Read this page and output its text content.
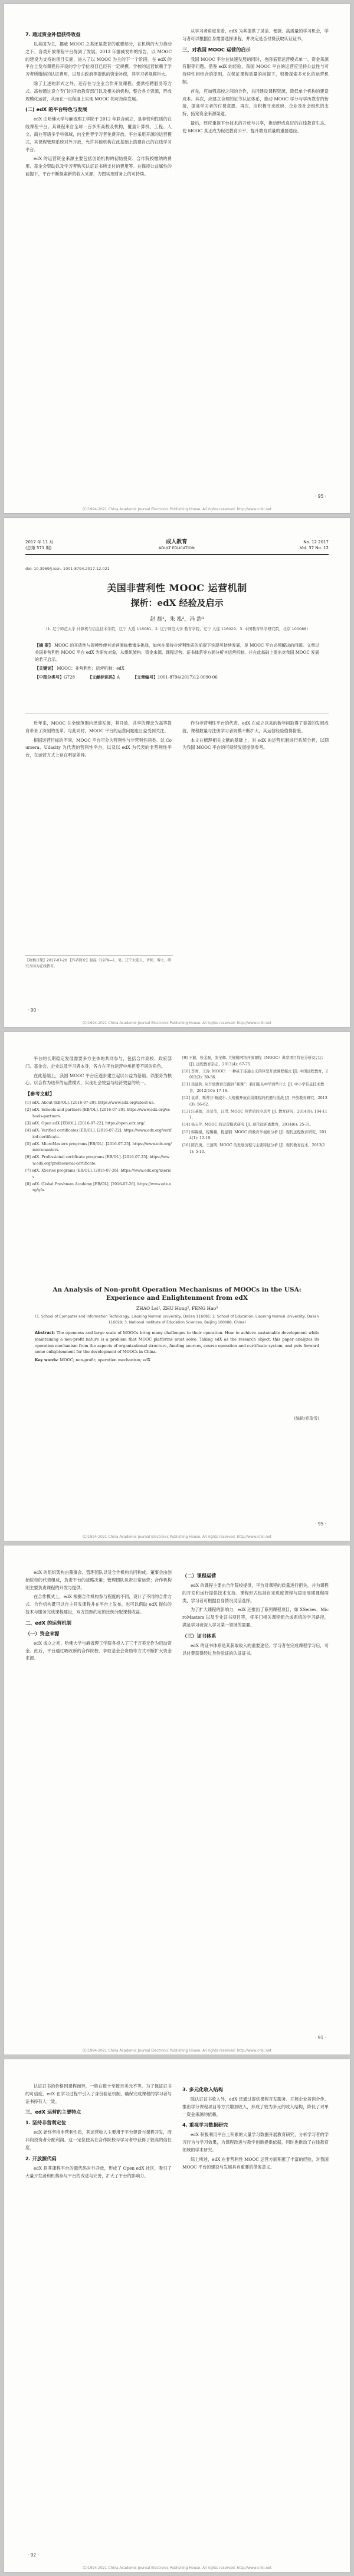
7. 通过资金补偿获得收益
以美国为主，挪威 MOOC 之类还是教育的重要部分，在机构的大力推动之下，各类开放课程平台得到了发展。2013 年挪威发布的报告，以 MOOC 的建设为支持的项目实施，进入了以 MOOC 为主的下一个阶段。在 edX 的平台上发布课程后开设的学分学位项目已经有一定规模。学校的运营依赖于学习者所缴纳的认证费用，以及由政府等提供的资金补偿，其学习者规模巨大。
除了上述的形式之外，还存在与企业合作开发课程、提供招聘服务等方式。高校通过设立专门的开放教育部门以及相关的机构，整合各方资源，形成规模化运营，从而在一定程度上实现 MOOC 的可持续发展。
(二) edX 的平台特色与发展
edX 由哈佛大学与麻省理工学院于 2012 年联合创立，是非营利性质的在线课程平台。其课程来自全球一百多所高校及机构，覆盖计算机、工程、人文、商业等诸多学科领域，向全世界学习者免费开放。平台采用开源的运营模式，其课程管理系统对外开放，允许其他机构在此基础上搭建自己的在线学习平台。
edX 的运营资金来源主要包括创始机构的初始投资、合作院校缴纳的费用、基金会资助以及学习者购买认证证书所支付的费用等。在保持公益属性的前提下，平台不断探索新的收入来源，力图实现财务上的可持续。
从学习者角度来看，edX 为其提供了灵活、便捷、高质量的学习机会，学习者可以根据自身需要选择课程，并决定是否付费获取认证证书。
三、对我国 MOOC 运营的启示
我国 MOOC 平台在快速发展的同时，也面临着运营模式单一、资金来源有限等问题。借鉴 edX 的经验，我国 MOOC 平台的运营应坚持公益性与可持续性相结合的原则，在保证课程质量的前提下，积极探索多元化的运营机制。
首先，应加强高校之间的合作，共同建设课程资源，降低单个机构的建设成本。其次，应建立合理的证书认证体系，推动 MOOC 学分与学历教育的衔接，提高学习者的付费意愿。再次，应积极寻求政府、企业及社会组织的支持，拓宽资金来源渠道。
最后，还应重视平台技术的开放与共享，推动形成良好的在线教育生态，使 MOOC 真正成为促进教育公平、提升教育质量的重要途径。
· 95 ·
(C)1994-2021 China Academic Journal Electronic Publishing House. All rights reserved. http://www.cnki.net
2017 年 11 月
(总第 571 期)
成人教育
ADULT EDUCATION
No. 12 2017
Vol. 37 No. 12
doi: 10.3969/j.issn. 1001-8794.2017.12.021
美国非营利性 MOOC 运营机制
探析：edX 经验及启示
赵 磊¹，朱 泓²，冯 浩³
(1. 辽宁师范大学 计算机与信息技术学院，辽宁 大连 116081；2. 辽宁师范大学 教育学院，辽宁 大连 116029；3. 中国教育科学研究院，北京 100088)
【摘 要】 MOOC 的开放性与规模性使其运营面临着诸多挑战，如何在保持非营利性质的前提下实现可持续发展，是 MOOC 平台必须解决的问题。文章以美国非营利性 MOOC 平台 edX 为研究对象，从组织架构、资金来源、课程运营、证书体系等方面分析其运营机制，并在此基础上提出对我国 MOOC 发展的若干启示。
【关键词】 MOOC；非营利性；运营机制；edX
【中图分类号】G728	【文献标识码】A	【文章编号】1001-8794(2017)12-0090-06
近年来，MOOC 在全球范围内迅速发展，其开放、共享的理念为高等教育带来了深刻的变革。与此同时，MOOC 平台的运营问题也日益受到关注。
根据运营目标的不同，MOOC 平台可分为营利性与非营利性两类。以 Coursera、Udacity 为代表的营利性平台，以及以 edX 为代表的非营利性平台，在运营方式上存在明显差异。
作为非营利性平台的代表，edX 在成立以来的数年间取得了显著的发展成就，课程数量与注册学习者规模不断扩大，其运营经验值得借鉴。
本文在梳理相关文献的基础上，对 edX 的运营机制进行系统分析，以期为我国 MOOC 平台的可持续发展提供参考。
【收稿日期】2017-07-20 【作者简介】赵磊（1979—），男，辽宁大连人，讲师，博士，研究方向为在线教育。
· 90 ·
(C)1994-2021 China Academic Journal Electronic Publishing House. All rights reserved. http://www.cnki.net
平台的长期稳定发展需要多方主体的共同参与，包括合作高校、政府部门、基金会、企业以及学习者本身，各方在平台运营中承担着不同的角色。
在此基础上，我国 MOOC 平台应逐步建立起以公益为基础、以服务为核心、以合作为纽带的运营模式，实现社会效益与经济效益的统一。
【参考文献】
[1] edX. About [EB/OL]. [2016-07-20]. https://www.edx.org/about-us.
[2] edX. Schools and partners [EB/OL]. [2016-07-20]. https://www.edx.org/schools-partners.
[3] edX. Open edX [EB/OL]. [2016-07-22]. https://open.edx.org/.
[4] edX. Verified certificates [EB/OL]. [2016-07-22]. https://www.edx.org/verified-certificate.
[5] edX. MicroMasters programs [EB/OL]. [2016-07-25]. https://www.edx.org/micromasters.
[6] edX. Professional certificate programs [EB/OL]. [2016-07-25]. https://www.edx.org/professional-certificate.
[7] edX. XSeries programs [EB/OL]. [2016-07-26]. https://www.edx.org/xseries.
[8] edX. Global Freshman Academy [EB/OL]. [2016-07-26]. https://www.edx.org/gfa.
[9] 王颖，张金磊，张宝辉. 大规模网络开放课程（MOOC）典型项目特征分析及启示 [J]. 远程教育杂志，2013(4): 67-75.
[10] 李青，王涛. MOOC：一种基于连通主义的巨型开放课程模式 [J]. 中国远程教育，2012(3): 30-36.
[11] 焦建利. 从开放教育资源到“慕课”：我们能从中学到些什么 [J]. 中小学信息技术教育，2012(10): 17-18.
[12] 袁莉，斯蒂芬·鲍威尔. 大规模开放在线课程的机遇与挑战 [J]. 开放教育研究，2013(3): 56-62.
[13] 汪基德，冯莹莹，汪滢. MOOC 热背后的冷思考 [J]. 教育研究，2014(9): 104-111.
[14] 杨玉芹. MOOC 的运营模式研究 [J]. 现代远距离教育，2014(6): 25-31.
[15] 韩锡斌，程璐楠，程建钢. MOOC 的教育学视角分析 [J]. 现代远程教育研究，2014(1): 12-19.
[16] 陈肖庚，王顶明. MOOC 的发展历程与主要特征分析 [J]. 现代教育技术，2013(11): 5-10.
An Analysis of Non-profit Operation Mechanisms of MOOCs in the USA: Experience and Enlightenment from edX
ZHAO Lei¹, ZHU Hong², FENG Hao³
(1. School of Computer and Information Technology, Liaoning Normal University, Dalian 116081; 2. School of Education, Liaoning Normal University, Dalian 116029; 3. National Institute of Education Sciences, Beijing 100088, China)
Abstract: The openness and large scale of MOOCs bring many challenges to their operation. How to achieve sustainable development while maintaining a non-profit nature is a problem that MOOC platforms must solve. Taking edX as the research object, this paper analyzes its operation mechanism from the aspects of organizational structure, funding sources, course operation and certificate system, and puts forward some enlightenment for the development of MOOCs in China.
Key words: MOOC; non-profit; operation mechanism; edX
(编辑/乔瑞雪)
· 95 ·
(C)1994-2021 China Academic Journal Electronic Publishing House. All rights reserved. http://www.cnki.net
edX 的组织架构由董事会、管理团队以及合作机构共同构成。董事会由创始院校的代表组成，负责平台的战略决策；管理团队负责日常运营；合作机构则主要负责课程的开发与提供。
在合作模式上，edX 根据合作机构参与程度的不同，设计了不同的合作方式。合作机构既可以自主开发课程并在平台上发布，也可以借助 edX 提供的技术与服务完成课程建设，双方按照约定的比例分配课程收益。
二、edX 的运营机制
（一）资金来源
edX 成立之初，哈佛大学与麻省理工学院各投入了三千万美元作为启动资金。此后，平台通过吸收新的合作院校、争取基金会资助等方式不断扩大资金来源。
（二）课程运营
edX 的课程主要由合作院校提供，平台对课程的质量进行把关，并为课程的开发和运行提供技术支持。课程形式包括自定进度课程与固定周期课程两类，学习者可根据自身情况灵活选择。
为了扩大课程的影响力，edX 还推出了系列课程项目，如 XSeries、MicroMasters 以及专业证书项目等，将多门相关课程组合成系统的学习路径，满足学习者深入学习某一领域的需要。
（三）证书体系
edX 的证书体系是其获取收入的重要途径。学习者在完成课程学习后，可以付费获得经过身份验证的认证证书。
· 91 ·
(C)1994-2021 China Academic Journal Electronic Publishing House. All rights reserved. http://www.cnki.net
认证证书的价格因课程而异，一般在数十至数百美元不等。为了保证证书的可信度，edX 在学习过程中引入了身份验证机制，确保完成课程的学习者与证书持有人一致。
三、edX 运营的主要特点
1. 坚持非营利定位
edX 始终坚持非营利性质，其运营收入主要用于平台建设与课程开发，而非向投资者分配利润。这一定位使其在合作院校与学习者中获得了较高的信任度。
2. 开放源代码
edX 将其课程平台的源代码对外开放，形成了 Open edX 社区，吸引了大量开发者和机构参与平台的改进与完善，扩大了平台的影响力。
3. 多元化收入结构
除认证证书收入外，edX 还通过提供课程开发服务、开展企业培训合作、推出学分课程项目等方式增加收入，形成了较为多元的收入结构，降低了对单一资金来源的依赖。
4. 重视学习数据研究
edX 积极利用平台上积累的大量学习数据开展教育研究，分析学习者的学习行为与学习效果，为课程改进与教学创新提供依据，同时也推动了在线教育领域的学术研究。
综上所述，edX 在非营利性 MOOC 运营方面积累了丰富的经验，对我国 MOOC 平台的建设与发展具有重要的借鉴意义。
· 92 ·
(C)1994-2021 China Academic Journal Electronic Publishing House. All rights reserved. http://www.cnki.net
